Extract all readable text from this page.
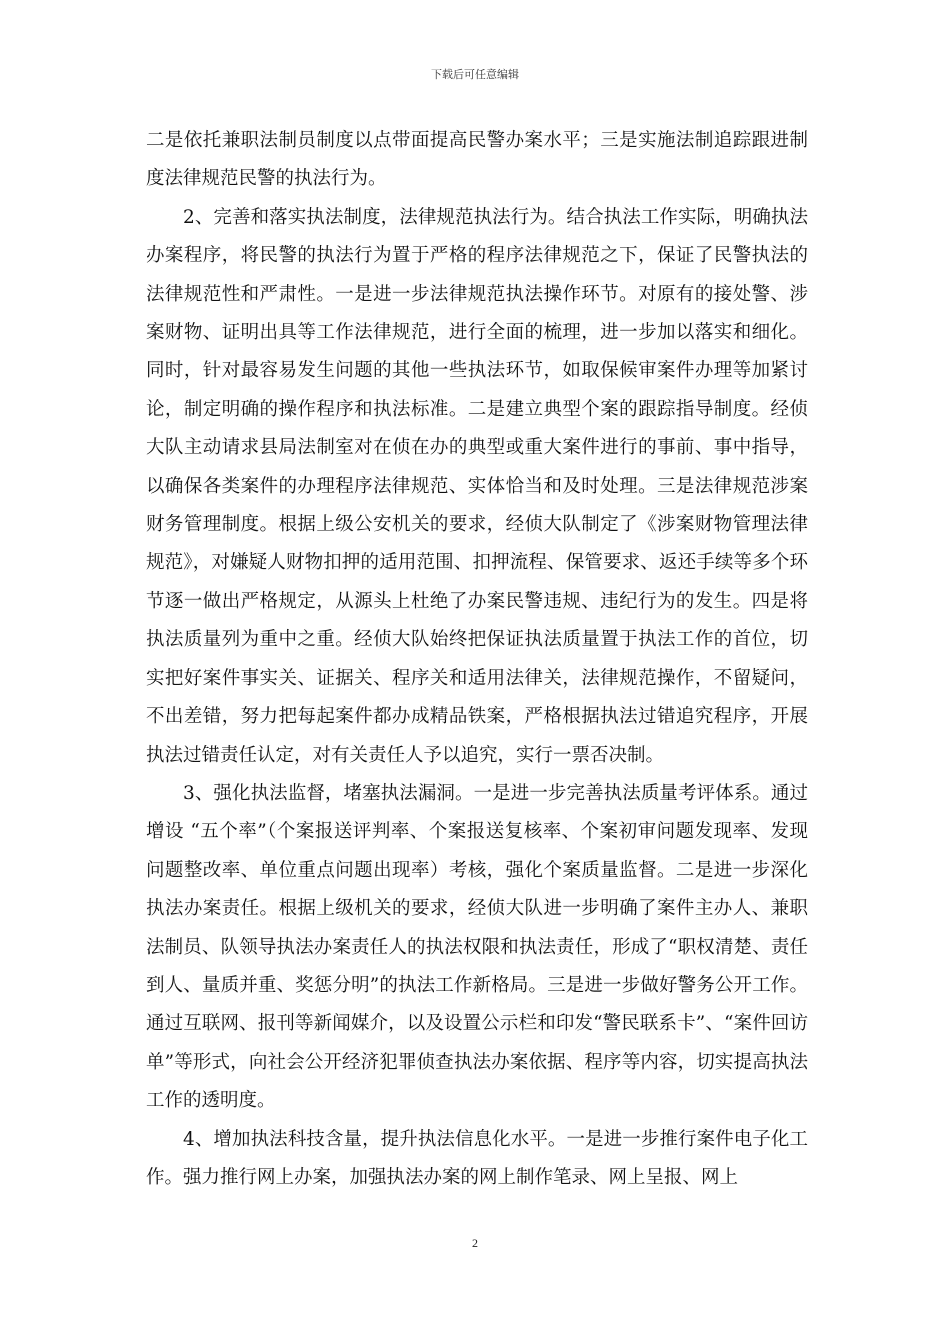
下载后可任意编辑

二是依托兼职法制员制度以点带面提高民警办案水平；三是实施法制追踪跟进制度法律规范民警的执法行为。

2、完善和落实执法制度，法律规范执法行为。结合执法工作实际，明确执法办案程序，将民警的执法行为置于严格的程序法律规范之下，保证了民警执法的法律规范性和严肃性。一是进一步法律规范执法操作环节。对原有的接处警、涉案财物、证明出具等工作法律规范，进行全面的梳理，进一步加以落实和细化。同时，针对最容易发生问题的其他一些执法环节，如取保候审案件办理等加紧讨论，制定明确的操作程序和执法标准。二是建立典型个案的跟踪指导制度。经侦大队主动请求县局法制室对在侦在办的典型或重大案件进行的事前、事中指导，以确保各类案件的办理程序法律规范、实体恰当和及时处理。三是法律规范涉案财务管理制度。根据上级公安机关的要求，经侦大队制定了《涉案财物管理法律规范》，对嫌疑人财物扣押的适用范围、扣押流程、保管要求、返还手续等多个环节逐一做出严格规定，从源头上杜绝了办案民警违规、违纪行为的发生。四是将执法质量列为重中之重。经侦大队始终把保证执法质量置于执法工作的首位，切实把好案件事实关、证据关、程序关和适用法律关，法律规范操作，不留疑问，不出差错，努力把每起案件都办成精品铁案，严格根据执法过错追究程序，开展执法过错责任认定，对有关责任人予以追究，实行一票否决制。

3、强化执法监督，堵塞执法漏洞。一是进一步完善执法质量考评体系。通过增设 “五个率”（个案报送评判率、个案报送复核率、个案初审问题发现率、发现问题整改率、单位重点问题出现率）考核，强化个案质量监督。二是进一步深化执法办案责任。根据上级机关的要求，经侦大队进一步明确了案件主办人、兼职法制员、队领导执法办案责任人的执法权限和执法责任，形成了“职权清楚、责任到人、量质并重、奖惩分明”的执法工作新格局。三是进一步做好警务公开工作。通过互联网、报刊等新闻媒介，以及设置公示栏和印发“警民联系卡”、“案件回访单”等形式，向社会公开经济犯罪侦查执法办案依据、程序等内容，切实提高执法工作的透明度。

4、增加执法科技含量，提升执法信息化水平。一是进一步推行案件电子化工作。强力推行网上办案，加强执法办案的网上制作笔录、网上呈报、网上

2
